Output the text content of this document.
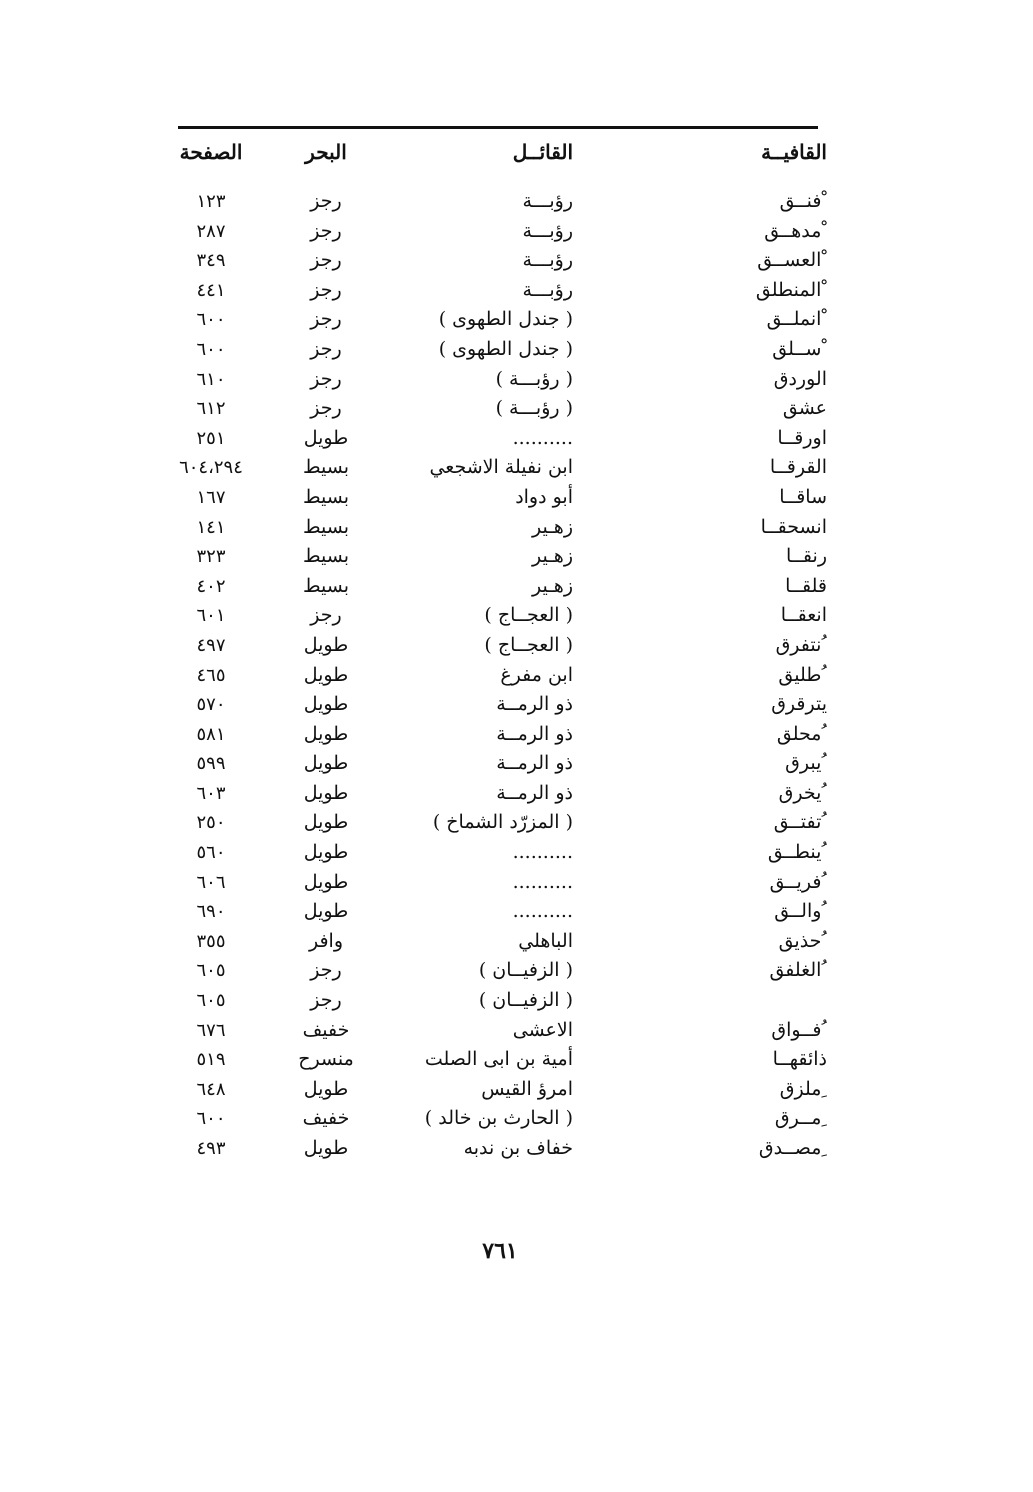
القافيــة
القائــل
البحر
الصفحة
فنــق ْ
رؤبـــة
رجز
١٢٣
مدهــق ْ
رؤبـــة
رجز
٢٨٧
العســق ْ
رؤبـــة
رجز
٣٤٩
المنطلق ْ
رؤبـــة
رجز
٤٤١
انملــق ْ
( جندل الطهوى )
رجز
٦٠٠
ســلق ْ
( جندل الطهوى )
رجز
٦٠٠
الوردق
( رؤبـــة )
رجز
٦١٠
عشق
( رؤبـــة )
رجز
٦١٢
اورقــا
..........
طويل
٢٥١
القرقــا
ابن نفيلة الاشجعي
بسيط
٦٠٤،٢٩٤
ساقــا
أبو دواد
بسيط
١٦٧
انسحقــا
زهـير
بسيط
١٤١
رنقــا
زهـير
بسيط
٣٢٣
قلقــا
زهـير
بسيط
٤٠٢
انعقــا
( العجــاج )
رجز
٦٠١
نتفرق ُ
( العجــاج )
طويل
٤٩٧
طليق ُ
ابن مفرغ
طويل
٤٦٥
يترقرق
ذو الرمــة
طويل
٥٧٠
محلق ُ
ذو الرمــة
طويل
٥٨١
يبرق ُ
ذو الرمــة
طويل
٥٩٩
يخرق ُ
ذو الرمــة
طويل
٦٠٣
تفتــق ُ
( المزرّد الشماخ )
طويل
٢٥٠
ينطــق ُ
..........
طويل
٥٦٠
فريــق ُ
..........
طويل
٦٠٦
والــق ُ
..........
طويل
٦٩٠
حذيق ُ
الباهلي
وافر
٣٥٥
الغلفق ُ
( الزفيــان )
رجز
٦٠٥
( الزفيــان )
رجز
٦٠٥
فــواق ُ
الاعشى
خفيف
٦٧٦
ذائقهــا
أمية بن ابى الصلت
منسرح
٥١٩
ملزق ِ
امرؤ القيس
طويل
٦٤٨
مــرق ِ
( الحارث بن خالد )
خفيف
٦٠٠
مصــدق ِ
خفاف بن ندبه
طويل
٤٩٣
٧٦١
